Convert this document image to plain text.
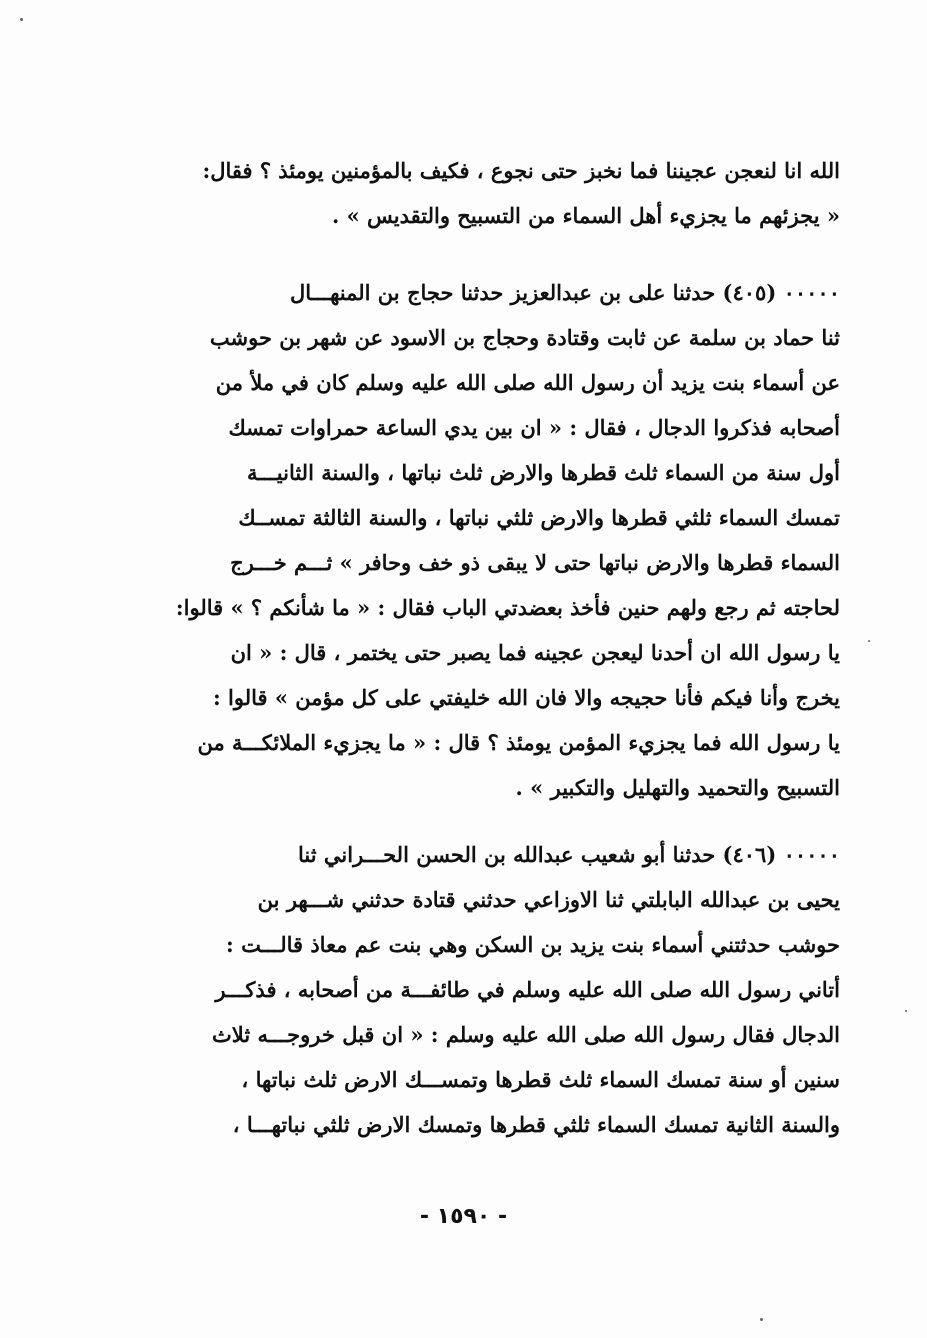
الله انا لنعجن عجيننا فما نخبز حتى نجوع ، فكيف بالمؤمنين يومئذ ؟ فقال:
« يجزئهم ما يجزيء أهل السماء من التسبيح والتقديس » .
٠٠٠٠٠ (٤٠٥) حدثنا على بن عبدالعزيز حدثنا حجاج بن المنهـــال
ثنا حماد بن سلمة عن ثابت وقتادة وحجاج بن الاسود عن شهر بن حوشب
عن أسماء بنت يزيد أن رسول الله صلى الله عليه وسلم كان في ملأ من
أصحابه فذكروا الدجال ، فقال : « ان بين يدي الساعة حمراوات تمسك
أول سنة من السماء ثلث قطرها والارض ثلث نباتها ، والسنة الثانيـــة
تمسك السماء ثلثي قطرها والارض ثلثي نباتها ، والسنة الثالثة تمســك
السماء قطرها والارض نباتها حتى لا يبقى ذو خف وحافر » ثـــم خـــرج
لحاجته ثم رجع ولهم حنين فأخذ بعضدتي الباب فقال : « ما شأنكم ؟ » قالوا:
يا رسول الله ان أحدنا ليعجن عجينه فما يصبر حتى يختمر ، قال : « ان
يخرج وأنا فيكم فأنا حجيجه والا فان الله خليفتي على كل مؤمن » قالوا :
يا رسول الله فما يجزيء المؤمن يومئذ ؟ قال : « ما يجزيء الملائكـــة من
التسبيح والتحميد والتهليل والتكبير » .
٠٠٠٠٠ (٤٠٦) حدثنا أبو شعيب عبدالله بن الحسن الحـــراني ثنا
يحيى بن عبدالله البابلتي ثنا الاوزاعي حدثني قتادة حدثني شـــهر بن
حوشب حدثتني أسماء بنت يزيد بن السكن وهي بنت عم معاذ قالـــت :
أتاني رسول الله صلى الله عليه وسلم في طائفـــة من أصحابه ، فذكـــر
الدجال فقال رسول الله صلى الله عليه وسلم : « ان قبل خروجـــه ثلاث
سنين أو سنة تمسك السماء ثلث قطرها وتمســـك الارض ثلث نباتها ،
والسنة الثانية تمسك السماء ثلثي قطرها وتمسك الارض ثلثي نباتهـــا ،
- ١٥٩٠ -
